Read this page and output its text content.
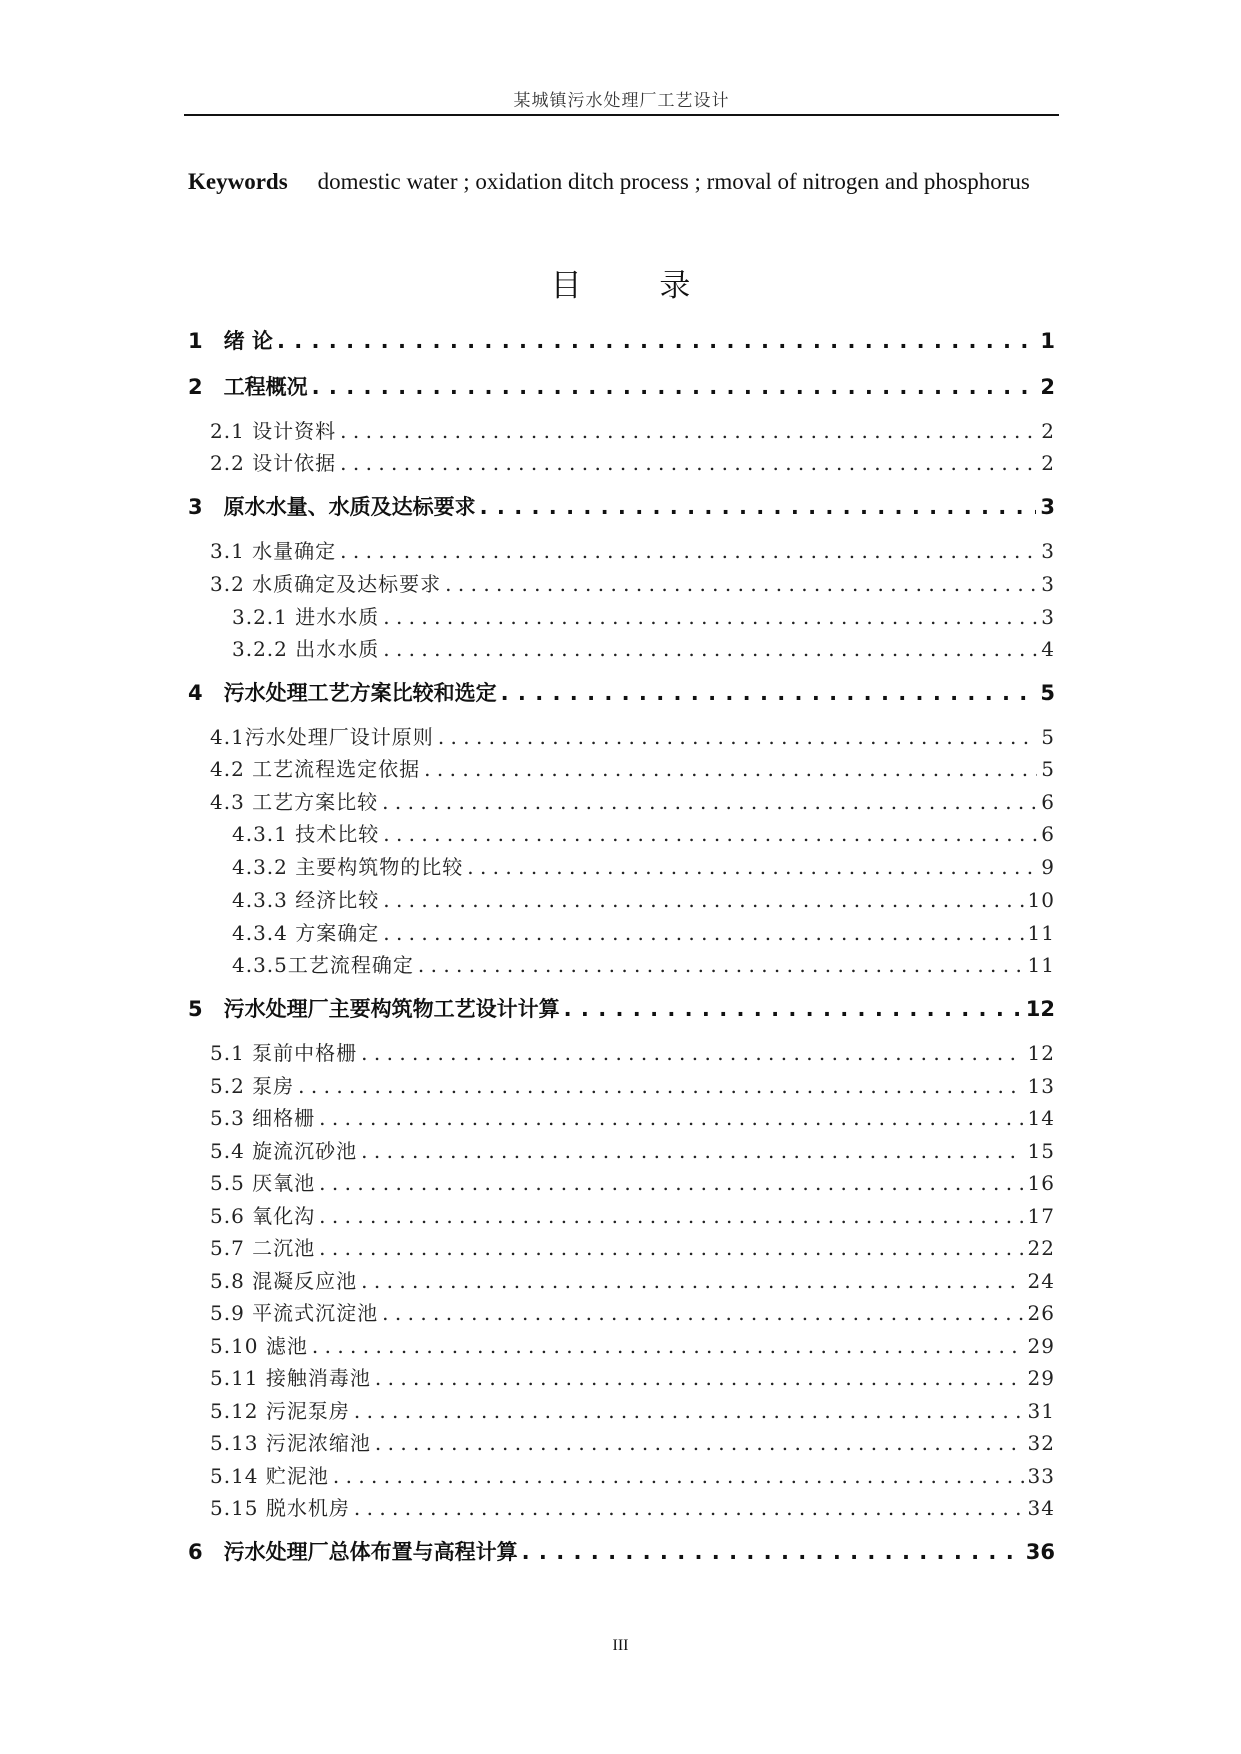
某城镇污水处理厂工艺设计
Keywords domestic water ; oxidation ditch process ; rmoval of nitrogen and phosphorus
目 录
1　绪 论 . . .	1
2　工程概况 . . .	2
2.1 设计资料 . . .	2
2.2 设计依据 . . .	2
3　原水水量、水质及达标要求 . . .	3
3.1 水量确定 . . .	3
3.2 水质确定及达标要求 . . .	3
3.2.1 进水水质 . . .	3
3.2.2 出水水质 . . .	4
4　污水处理工艺方案比较和选定 . . .	5
4.1污水处理厂设计原则 . . .	5
4.2 工艺流程选定依据 . . .	5
4.3 工艺方案比较 . . .	6
4.3.1 技术比较 . . .	6
4.3.2 主要构筑物的比较 . . .	9
4.3.3 经济比较 . . .	10
4.3.4 方案确定 . . .	11
4.3.5工艺流程确定 . . .	11
5　污水处理厂主要构筑物工艺设计计算 . . .	12
5.1 泵前中格栅 . . .	12
5.2 泵房 . . .	13
5.3 细格栅 . . .	14
5.4 旋流沉砂池 . . .	15
5.5 厌氧池 . . .	16
5.6 氧化沟 . . .	17
5.7 二沉池 . . .	22
5.8 混凝反应池 . . .	24
5.9 平流式沉淀池 . . .	26
5.10 滤池 . . .	29
5.11 接触消毒池 . . .	29
5.12 污泥泵房 . . .	31
5.13 污泥浓缩池 . . .	32
5.14 贮泥池 . . .	33
5.15 脱水机房 . . .	34
6　污水处理厂总体布置与高程计算 . . .	36
III
